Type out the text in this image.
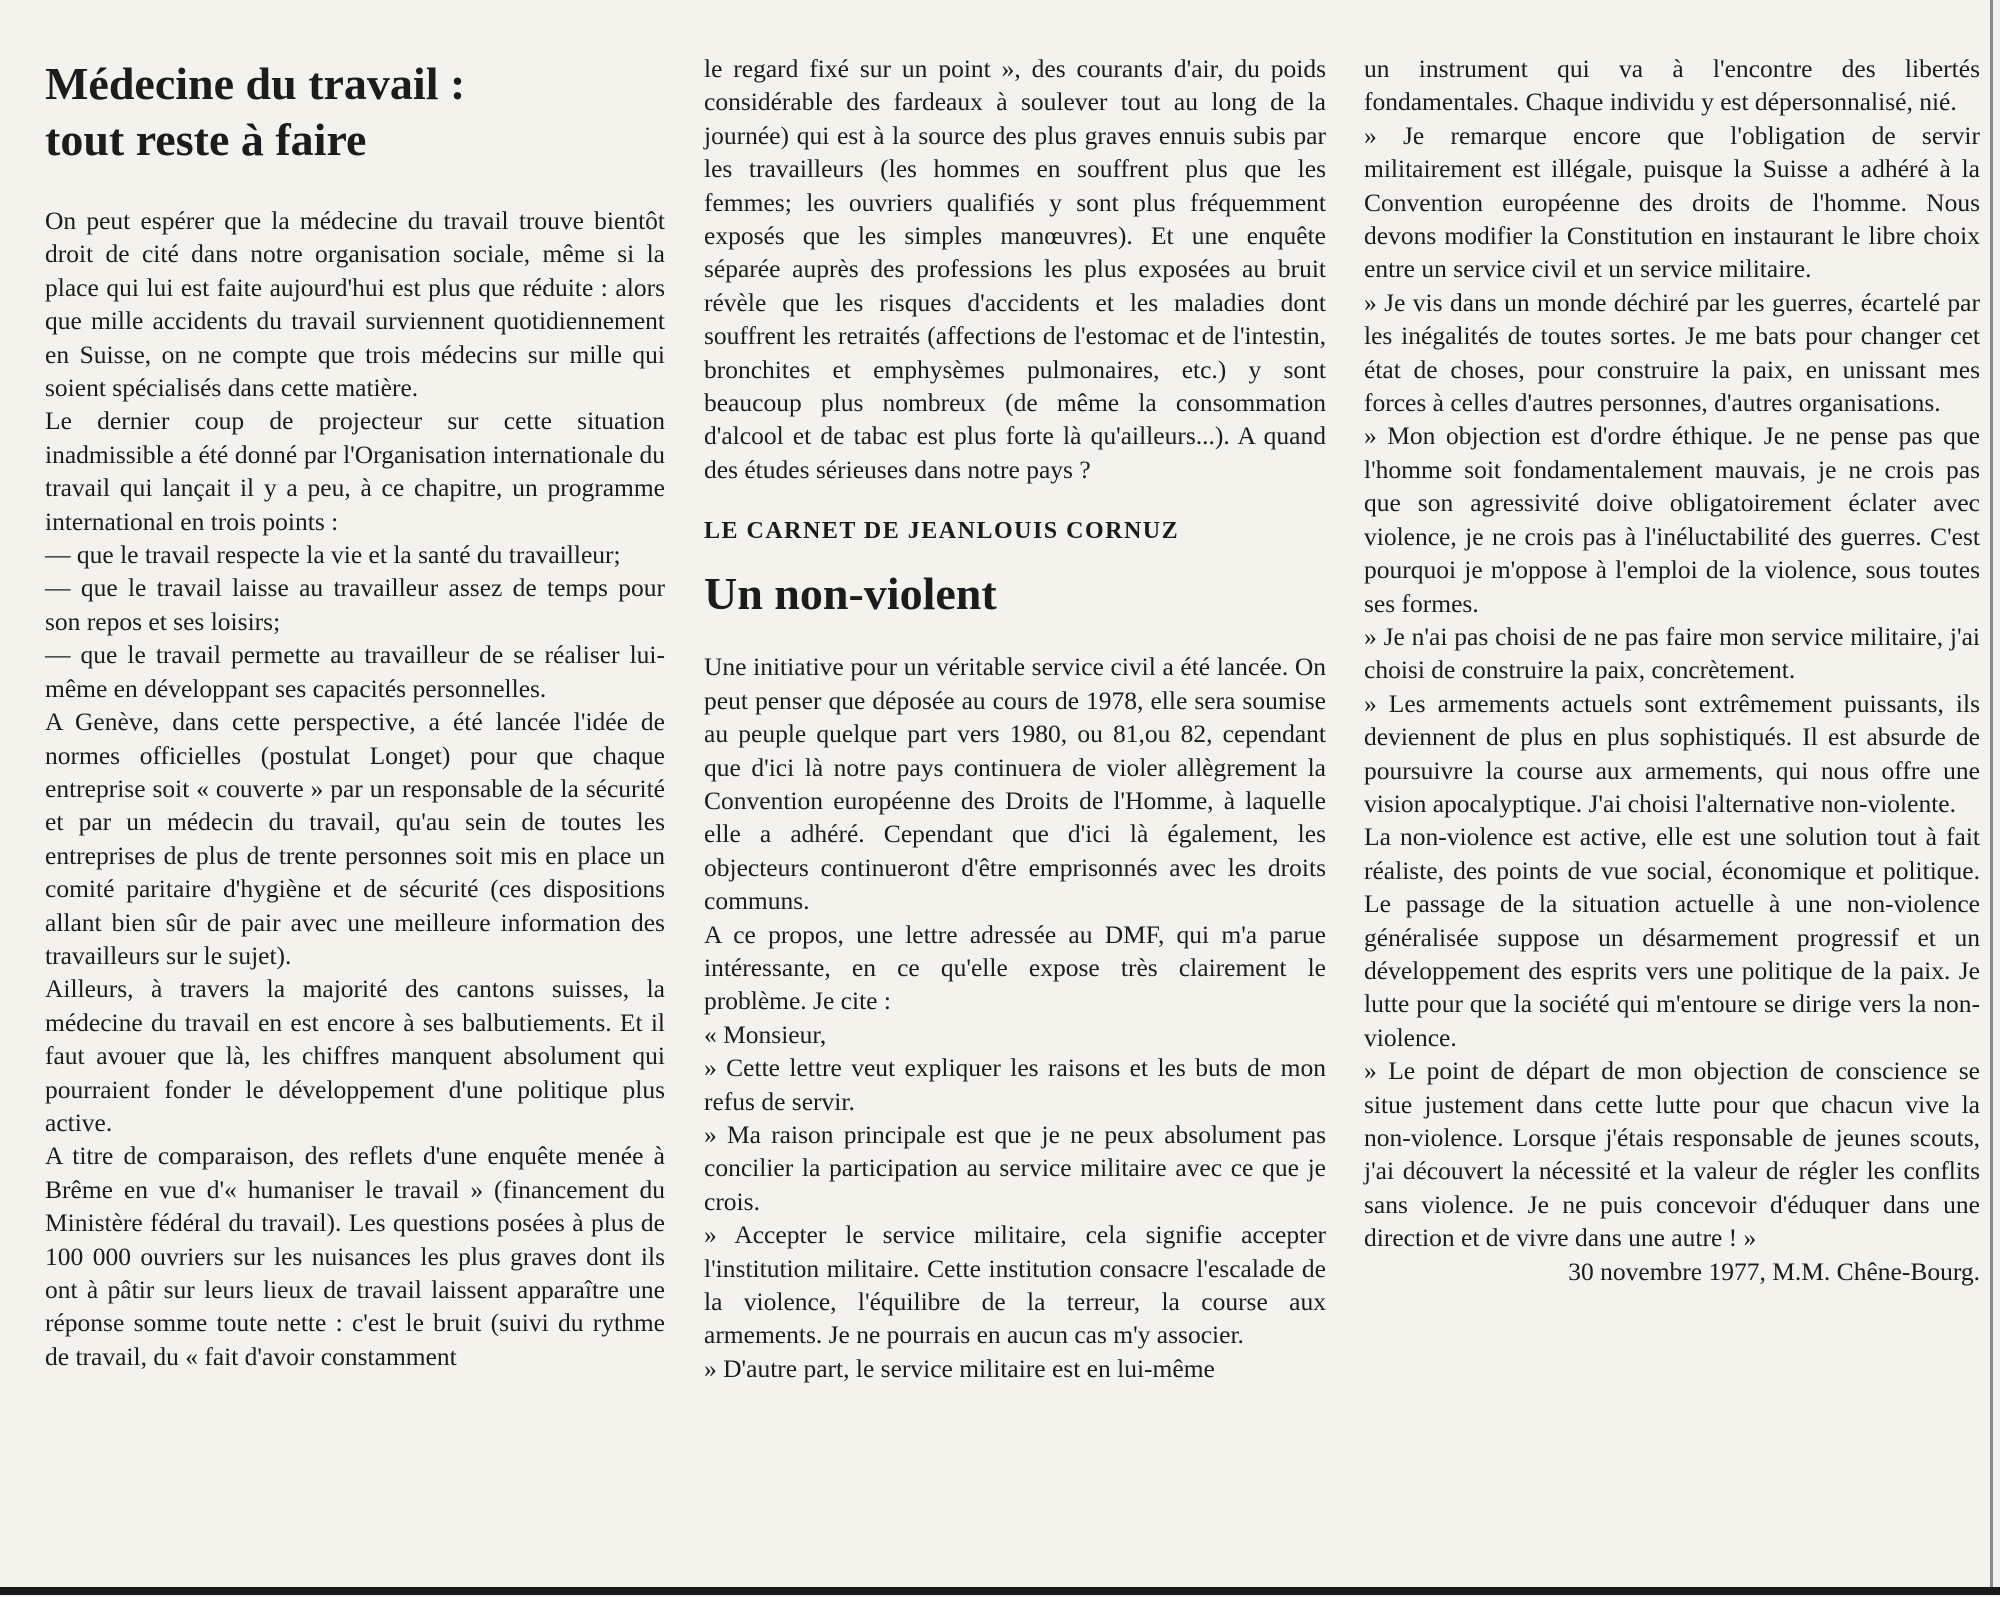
Médecine du travail :
tout reste à faire

On peut espérer que la médecine du travail trouve bientôt droit de cité dans notre organisation sociale, même si la place qui lui est faite aujourd'hui est plus que réduite : alors que mille accidents du travail surviennent quotidiennement en Suisse, on ne compte que trois médecins sur mille qui soient spécialisés dans cette matière.

Le dernier coup de projecteur sur cette situation inadmissible a été donné par l'Organisation internationale du travail qui lançait il y a peu, à ce chapitre, un programme international en trois points :

— que le travail respecte la vie et la santé du travailleur;

— que le travail laisse au travailleur assez de temps pour son repos et ses loisirs;

— que le travail permette au travailleur de se réaliser lui-même en développant ses capacités personnelles.

A Genève, dans cette perspective, a été lancée l'idée de normes officielles (postulat Longet) pour que chaque entreprise soit « couverte » par un responsable de la sécurité et par un médecin du travail, qu'au sein de toutes les entreprises de plus de trente personnes soit mis en place un comité paritaire d'hygiène et de sécurité (ces dispositions allant bien sûr de pair avec une meilleure information des travailleurs sur le sujet).

Ailleurs, à travers la majorité des cantons suisses, la médecine du travail en est encore à ses balbutiements. Et il faut avouer que là, les chiffres manquent absolument qui pourraient fonder le développement d'une politique plus active.

A titre de comparaison, des reflets d'une enquête menée à Brême en vue d'« humaniser le travail » (financement du Ministère fédéral du travail). Les questions posées à plus de 100 000 ouvriers sur les nuisances les plus graves dont ils ont à pâtir sur leurs lieux de travail laissent apparaître une réponse somme toute nette : c'est le bruit (suivi du rythme de travail, du « fait d'avoir constamment

le regard fixé sur un point », des courants d'air, du poids considérable des fardeaux à soulever tout au long de la journée) qui est à la source des plus graves ennuis subis par les travailleurs (les hommes en souffrent plus que les femmes; les ouvriers qualifiés y sont plus fréquemment exposés que les simples manœuvres). Et une enquête séparée auprès des professions les plus exposées au bruit révèle que les risques d'accidents et les maladies dont souffrent les retraités (affections de l'estomac et de l'intestin, bronchites et emphysèmes pulmonaires, etc.) y sont beaucoup plus nombreux (de même la consommation d'alcool et de tabac est plus forte là qu'ailleurs...). A quand des études sérieuses dans notre pays ?

LE CARNET DE JEANLOUIS CORNUZ
Un non-violent

Une initiative pour un véritable service civil a été lancée. On peut penser que déposée au cours de 1978, elle sera soumise au peuple quelque part vers 1980, ou 81,ou 82, cependant que d'ici là notre pays continuera de violer allègrement la Convention européenne des Droits de l'Homme, à laquelle elle a adhéré. Cependant que d'ici là également, les objecteurs continueront d'être emprisonnés avec les droits communs.

A ce propos, une lettre adressée au DMF, qui m'a parue intéressante, en ce qu'elle expose très clairement le problème. Je cite :

« Monsieur,

» Cette lettre veut expliquer les raisons et les buts de mon refus de servir.

» Ma raison principale est que je ne peux absolument pas concilier la participation au service militaire avec ce que je crois.

» Accepter le service militaire, cela signifie accepter l'institution militaire. Cette institution consacre l'escalade de la violence, l'équilibre de la terreur, la course aux armements. Je ne pourrais en aucun cas m'y associer.

» D'autre part, le service militaire est en lui-même

un instrument qui va à l'encontre des libertés fondamentales. Chaque individu y est dépersonnalisé, nié.

» Je remarque encore que l'obligation de servir militairement est illégale, puisque la Suisse a adhéré à la Convention européenne des droits de l'homme. Nous devons modifier la Constitution en instaurant le libre choix entre un service civil et un service militaire.

» Je vis dans un monde déchiré par les guerres, écartelé par les inégalités de toutes sortes. Je me bats pour changer cet état de choses, pour construire la paix, en unissant mes forces à celles d'autres personnes, d'autres organisations.

» Mon objection est d'ordre éthique. Je ne pense pas que l'homme soit fondamentalement mauvais, je ne crois pas que son agressivité doive obligatoirement éclater avec violence, je ne crois pas à l'inéluctabilité des guerres. C'est pourquoi je m'oppose à l'emploi de la violence, sous toutes ses formes.

» Je n'ai pas choisi de ne pas faire mon service militaire, j'ai choisi de construire la paix, concrètement.

» Les armements actuels sont extrêmement puissants, ils deviennent de plus en plus sophistiqués. Il est absurde de poursuivre la course aux armements, qui nous offre une vision apocalyptique. J'ai choisi l'alternative non-violente.

La non-violence est active, elle est une solution tout à fait réaliste, des points de vue social, économique et politique. Le passage de la situation actuelle à une non-violence généralisée suppose un désarmement progressif et un développement des esprits vers une politique de la paix. Je lutte pour que la société qui m'entoure se dirige vers la non-violence.

» Le point de départ de mon objection de conscience se situe justement dans cette lutte pour que chacun vive la non-violence. Lorsque j'étais responsable de jeunes scouts, j'ai découvert la nécessité et la valeur de régler les conflits sans violence. Je ne puis concevoir d'éduquer dans une direction et de vivre dans une autre ! »

30 novembre 1977, M.M. Chêne-Bourg.
